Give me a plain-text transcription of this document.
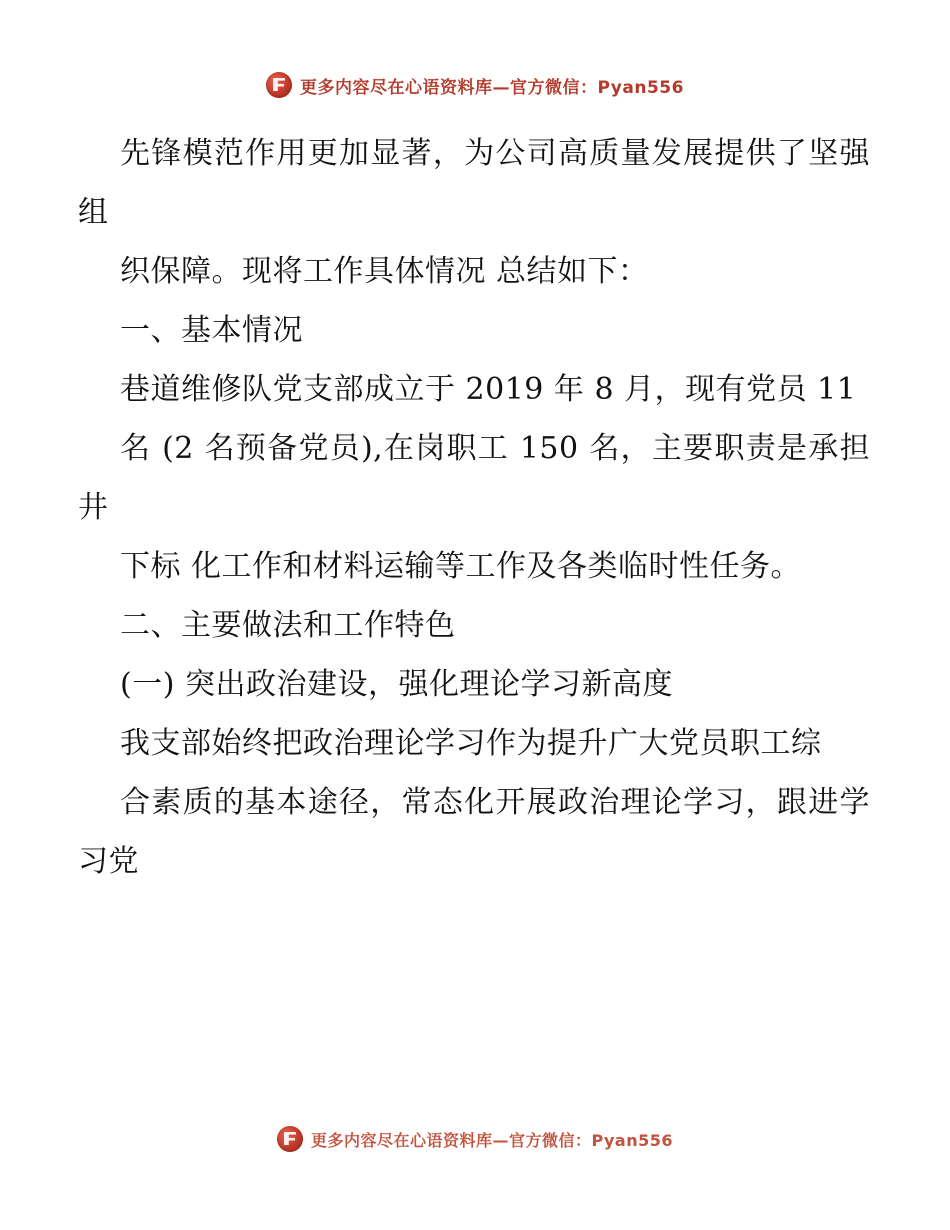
更多内容尽在心语资料库—官方微信：Pyan556

先锋模范作用更加显著，为公司高质量发展提供了坚强组

织保障。现将工作具体情况 总结如下：

一、基本情况

巷道维修队党支部成立于 2019 年 8 月，现有党员 11

名 (2 名预备党员),在岗职工 150 名，主要职责是承担井

下标 化工作和材料运输等工作及各类临时性任务。

二、主要做法和工作特色

(一) 突出政治建设，强化理论学习新高度

我支部始终把政治理论学习作为提升广大党员职工综

合素质的基本途径，常态化开展政治理论学习，跟进学习党

更多内容尽在心语资料库—官方微信：Pyan556
